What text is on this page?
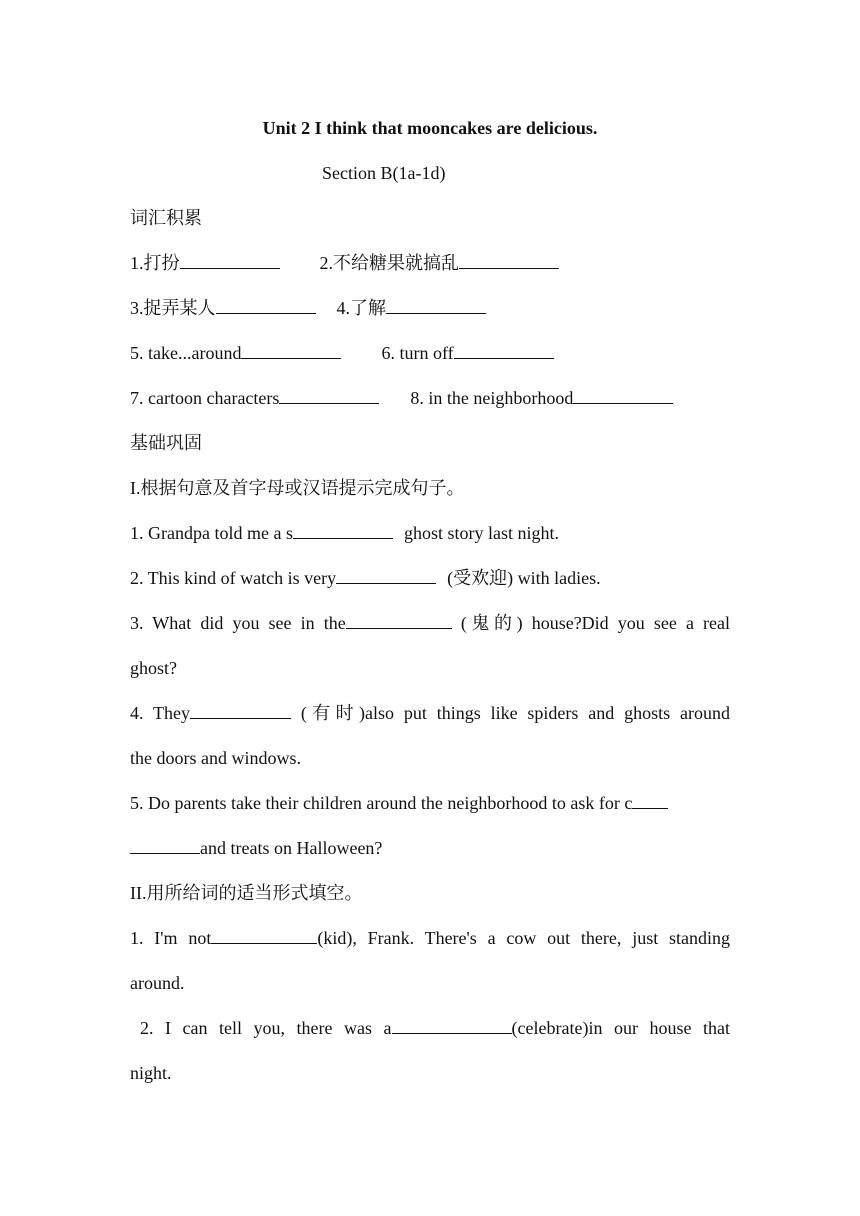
Unit 2 I think that mooncakes are delicious.
Section B(1a-1d)
词汇积累
1.打扮	2.不给糖果就搞乱
3.捉弄某人	4.了解
5. take...around	6. turn off
7. cartoon characters	8. in the neighborhood
基础巩固
I.根据句意及首字母或汉语提示完成句子。
1. Grandpa told me a s	ghost story last night.
2. This kind of watch is very	(受欢迎) with ladies.
3. What did you see in the	(鬼的) house?Did you see a real
ghost?
4. They	(有时)also put things like spiders and ghosts around
the doors and windows.
5. Do parents take their children around the neighborhood to ask for c
and treats on Halloween?
II.用所给词的适当形式填空。
1. I'm not	(kid), Frank. There's a cow out there, just standing
around.
2. I can tell you, there was a	(celebrate)in our house that
night.
